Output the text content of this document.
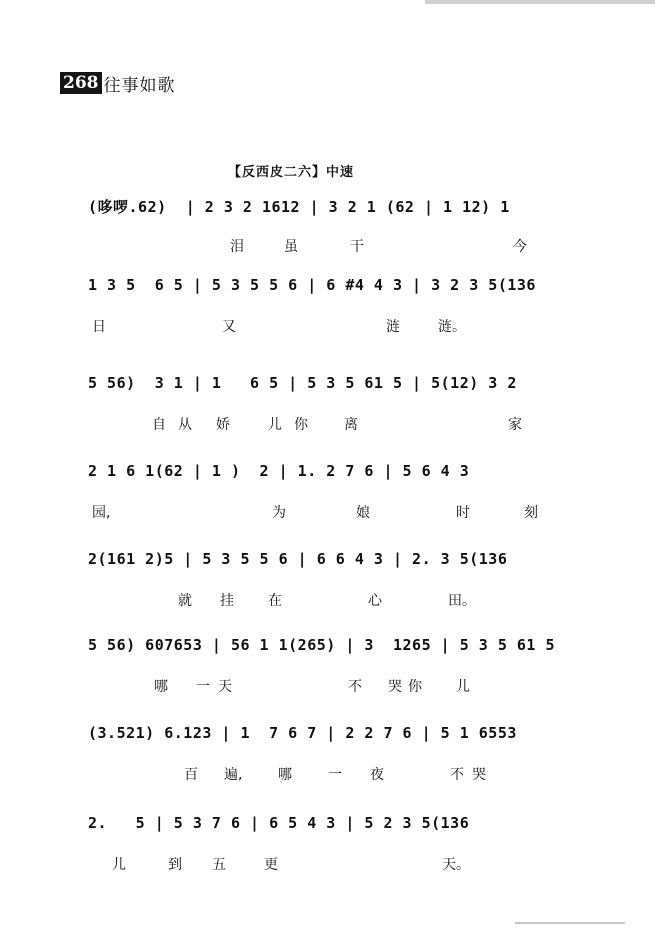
268 往事如歌
【反西皮二六】中速
(哆啰.62)  | 2 3 2 1612 | 3 2 1 (62 | 1 12) 1
泪	虽	干	今
1 3 5  6 5 | 5 3 5 5 6 | 6 #4 4 3 | 3 2 3 5(136
日	又	涟	涟。
5 56)  3 1 | 1   6 5 | 5 3 5 61 5 | 5(12) 3 2
自 从 娇	儿 你	离	家
2 1 6 1(62 | 1 )  2 | 1. 2 7 6 | 5 6 4 3
园,	为	娘	时	刻
2(161 2)5 | 5 3 5 5 6 | 6 6 4 3 | 2. 3 5(136
就 挂 在	心	田。
5 56) 607653 | 56 1 1(265) | 3  1265 | 5 3 5 61 5
哪 一 天	不 哭 你 儿
(3.521) 6.123 | 1  7 6 7 | 2 2 7 6 | 5 1 6553
百 遍,	哪	一 夜	不 哭
2.   5 | 5 3 7 6 | 6 5 4 3 | 5 2 3 5(136
儿	到 五	更	天。
